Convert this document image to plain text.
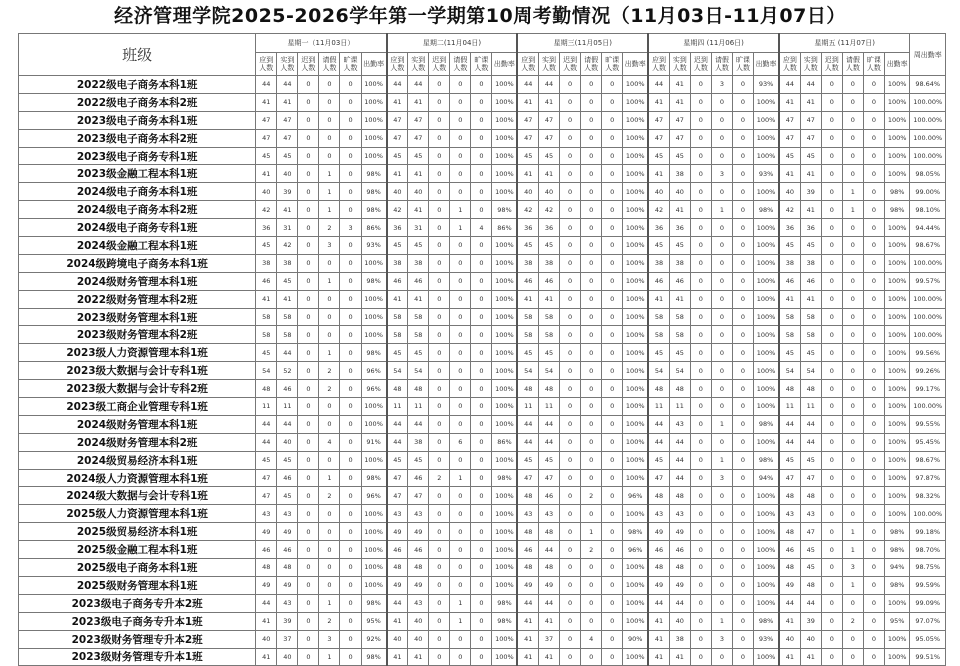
经济管理学院2025-2026学年第一学期第10周考勤情况（11月03日-11月07日）
班级	星期一（11月03日）						星期二(11月04日)						星期三(11月05日)						星期四 (11月06日)						星期五 (11月07日)						周出勤率
	应到人数	实到人数	迟到人数	请假人数	旷课人数	出勤率	应到人数	实到人数	迟到人数	请假人数	旷课人数	出勤率	应到人数	实到人数	迟到人数	请假人数	旷课人数	出勤率	应到人数	实到人数	迟到人数	请假人数	旷课人数	出勤率	应到人数	实到人数	迟到人数	请假人数	旷课人数	出勤率	
2022级电子商务本科1班	44	44	0	0	0	100%	44	44	0	0	0	100%	44	44	0	0	0	100%	44	41	0	3	0	93%	44	44	0	0	0	100%	98.64%
2022级电子商务本科2班	41	41	0	0	0	100%	41	41	0	0	0	100%	41	41	0	0	0	100%	41	41	0	0	0	100%	41	41	0	0	0	100%	100.00%
2023级电子商务本科1班	47	47	0	0	0	100%	47	47	0	0	0	100%	47	47	0	0	0	100%	47	47	0	0	0	100%	47	47	0	0	0	100%	100.00%
2023级电子商务本科2班	47	47	0	0	0	100%	47	47	0	0	0	100%	47	47	0	0	0	100%	47	47	0	0	0	100%	47	47	0	0	0	100%	100.00%
2023级电子商务专科1班	45	45	0	0	0	100%	45	45	0	0	0	100%	45	45	0	0	0	100%	45	45	0	0	0	100%	45	45	0	0	0	100%	100.00%
2023级金融工程本科1班	41	40	0	1	0	98%	41	41	0	0	0	100%	41	41	0	0	0	100%	41	38	0	3	0	93%	41	41	0	0	0	100%	98.05%
2024级电子商务本科1班	40	39	0	1	0	98%	40	40	0	0	0	100%	40	40	0	0	0	100%	40	40	0	0	0	100%	40	39	0	1	0	98%	99.00%
2024级电子商务本科2班	42	41	0	1	0	98%	42	41	0	1	0	98%	42	42	0	0	0	100%	42	41	0	1	0	98%	42	41	0	1	0	98%	98.10%
2024级电子商务专科1班	36	31	0	2	3	86%	36	31	0	1	4	86%	36	36	0	0	0	100%	36	36	0	0	0	100%	36	36	0	0	0	100%	94.44%
2024级金融工程本科1班	45	42	0	3	0	93%	45	45	0	0	0	100%	45	45	0	0	0	100%	45	45	0	0	0	100%	45	45	0	0	0	100%	98.67%
2024级跨境电子商务本科1班	38	38	0	0	0	100%	38	38	0	0	0	100%	38	38	0	0	0	100%	38	38	0	0	0	100%	38	38	0	0	0	100%	100.00%
2024级财务管理本科1班	46	45	0	1	0	98%	46	46	0	0	0	100%	46	46	0	0	0	100%	46	46	0	0	0	100%	46	46	0	0	0	100%	99.57%
2022级财务管理本科2班	41	41	0	0	0	100%	41	41	0	0	0	100%	41	41	0	0	0	100%	41	41	0	0	0	100%	41	41	0	0	0	100%	100.00%
2023级财务管理本科1班	58	58	0	0	0	100%	58	58	0	0	0	100%	58	58	0	0	0	100%	58	58	0	0	0	100%	58	58	0	0	0	100%	100.00%
2023级财务管理本科2班	58	58	0	0	0	100%	58	58	0	0	0	100%	58	58	0	0	0	100%	58	58	0	0	0	100%	58	58	0	0	0	100%	100.00%
2023级人力资源管理本科1班	45	44	0	1	0	98%	45	45	0	0	0	100%	45	45	0	0	0	100%	45	45	0	0	0	100%	45	45	0	0	0	100%	99.56%
2023级大数据与会计专科1班	54	52	0	2	0	96%	54	54	0	0	0	100%	54	54	0	0	0	100%	54	54	0	0	0	100%	54	54	0	0	0	100%	99.26%
2023级大数据与会计专科2班	48	46	0	2	0	96%	48	48	0	0	0	100%	48	48	0	0	0	100%	48	48	0	0	0	100%	48	48	0	0	0	100%	99.17%
2023级工商企业管理专科1班	11	11	0	0	0	100%	11	11	0	0	0	100%	11	11	0	0	0	100%	11	11	0	0	0	100%	11	11	0	0	0	100%	100.00%
2024级财务管理本科1班	44	44	0	0	0	100%	44	44	0	0	0	100%	44	44	0	0	0	100%	44	43	0	1	0	98%	44	44	0	0	0	100%	99.55%
2024级财务管理本科2班	44	40	0	4	0	91%	44	38	0	6	0	86%	44	44	0	0	0	100%	44	44	0	0	0	100%	44	44	0	0	0	100%	95.45%
2024级贸易经济本科1班	45	45	0	0	0	100%	45	45	0	0	0	100%	45	45	0	0	0	100%	45	44	0	1	0	98%	45	45	0	0	0	100%	98.67%
2024级人力资源管理本科1班	47	46	0	1	0	98%	47	46	2	1	0	98%	47	47	0	0	0	100%	47	44	0	3	0	94%	47	47	0	0	0	100%	97.87%
2024级大数据与会计专科1班	47	45	0	2	0	96%	47	47	0	0	0	100%	48	46	0	2	0	96%	48	48	0	0	0	100%	48	48	0	0	0	100%	98.32%
2025级人力资源管理本科1班	43	43	0	0	0	100%	43	43	0	0	0	100%	43	43	0	0	0	100%	43	43	0	0	0	100%	43	43	0	0	0	100%	100.00%
2025级贸易经济本科1班	49	49	0	0	0	100%	49	49	0	0	0	100%	48	48	0	1	0	98%	49	49	0	0	0	100%	48	47	0	1	0	98%	99.18%
2025级金融工程本科1班	46	46	0	0	0	100%	46	46	0	0	0	100%	46	44	0	2	0	96%	46	46	0	0	0	100%	46	45	0	1	0	98%	98.70%
2025级电子商务本科1班	48	48	0	0	0	100%	48	48	0	0	0	100%	48	48	0	0	0	100%	48	48	0	0	0	100%	48	45	0	3	0	94%	98.75%
2025级财务管理本科1班	49	49	0	0	0	100%	49	49	0	0	0	100%	49	49	0	0	0	100%	49	49	0	0	0	100%	49	48	0	1	0	98%	99.59%
2023级电子商务专升本2班	44	43	0	1	0	98%	44	43	0	1	0	98%	44	44	0	0	0	100%	44	44	0	0	0	100%	44	44	0	0	0	100%	99.09%
2023级电子商务专升本1班	41	39	0	2	0	95%	41	40	0	1	0	98%	41	41	0	0	0	100%	41	40	0	1	0	98%	41	39	0	2	0	95%	97.07%
2023级财务管理专升本2班	40	37	0	3	0	92%	40	40	0	0	0	100%	41	37	0	4	0	90%	41	38	0	3	0	93%	40	40	0	0	0	100%	95.05%
2023级财务管理专升本1班	41	40	0	1	0	98%	41	41	0	0	0	100%	41	41	0	0	0	100%	41	41	0	0	0	100%	41	41	0	0	0	100%	99.51%
